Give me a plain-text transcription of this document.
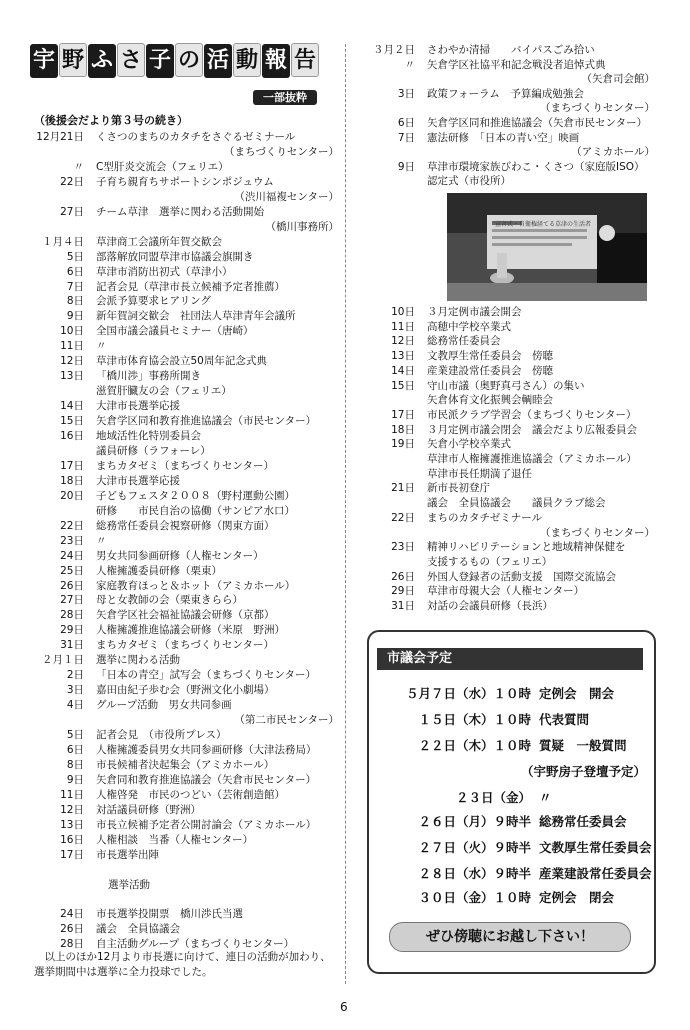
宇 野 ふ さ 子 の 活 動 報 告
一部抜粋
（後援会だより第３号の続き）
12月21日 くさつのまちのカタチをさぐるゼミナール
（まちづくりセンター）
〃 C型肝炎交流会（フェリエ）
22日 子育ち親育ちサポートシンポジュウム
（渋川福複センター）
27日 チーム草津　選挙に関わる活動開始
（橋川事務所）
１月４日 草津商工会議所年賀交歓会
5日 部落解放同盟草津市協議会旗開き
6日 草津市消防出初式（草津小）
7日 記者会見（草津市長立候補予定者推薦）
8日 会派予算要求ヒアリング
9日 新年賀詞交歓会　社団法人草津青年会議所
10日 全国市議会議員セミナー（唐崎）
11日 〃
12日 草津市体育協会設立50周年記念式典
13日 「橋川渉」事務所開き
滋賀肝臓友の会（フェリエ）
14日 大津市長選挙応援
15日 矢倉学区同和教育推進協議会（市民センター）
16日 地域活性化特別委員会
議員研修（ラフォーレ）
17日 まちカタゼミ（まちづくりセンター）
18日 大津市長選挙応援
20日 子どもフェスタ２００８（野村運動公園）
研修　　市民自治の協働（サンピア水口）
22日 総務常任委員会視察研修（関東方面）
23日 〃
24日 男女共同参画研修（人権センター）
25日 人権擁護委員研修（栗東）
26日 家庭教育ほっと＆ホット（アミカホール）
27日 母と女教師の会（栗東きらら）
28日 矢倉学区社会福祉協議会研修（京都）
29日 人権擁護推進協議会研修（米原　野洲）
31日 まちカタゼミ（まちづくりセンター）
２月１日 選挙に関わる活動
2日 「日本の青空」試写会（まちづくりセンター）
3日 嘉田由紀子歩む会（野洲文化小劇場）
4日 グループ活動　男女共同参画
（第二市民センター）
5日 記者会見　（市役所プレス）
6日 人権擁護委員男女共同参画研修（大津法務局）
8日 市長候補者決起集会（アミカホール）
9日 矢倉同和教育推進協議会（矢倉市民センター）
11日 人権啓発　市民のつどい（芸術創造館）
12日 対話議員研修（野洲）
13日 市長立候補予定者公開討論会（アミカホール）
16日 人権相談　当番（人権センター）
17日 市長選挙出陣
選挙活動
24日 市長選挙投開票　橋川渉氏当選
26日 議会　全員協議会
28日 自主活動グループ（まちづくりセンター）
　以上のほか12月より市長選に向けて、連日の活動が加わり、選挙期間中は選挙に全力投球でした。
３月２日 さわやか清掃　　バイパスごみ拾い
〃 矢倉学区社協平和記念戦没者追悼式典
（矢倉司会館）
3日 政策フォーラム　予算編成勉強会
（まちづくりセンター）
6日 矢倉学区同和推進協議会（矢倉市民センター）
7日 憲法研修　「日本の青い空」映画
（アミカホール）
9日 草津市環境家族びわこ・くさつ（家庭版ISO）
認定式（市役所）
宣言式・自衛権経てる草津の生活者
10日 ３月定例市議会開会
11日 高穂中学校卒業式
12日 総務常任委員会
13日 文教厚生常任委員会　傍聴
14日 産業建設常任委員会　傍聴
15日 守山市議（奥野真弓さん）の集い
矢倉体育文化振興会輌睦会
17日 市民派クラブ学習会（まちづくりセンター）
18日 ３月定例市議会閉会　議会だより広報委員会
19日 矢倉小学校卒業式
草津市人権擁護推進協議会（アミカホール）
草津市長任期満了退任
21日 新市長初登庁
議会　全員協議会　　議員クラブ総会
22日 まちのカタチゼミナール
（まちづくりセンター）
23日 精神リハビリテーションと地域精神保健を
支援するもの（フェリエ）
26日 外国人登録者の活動支援　国際交流協会
29日 草津市母親大会（人権センター）
31日 対話の会議員研修（長浜）
市議会予定
５月７日（水）１０時 定例会　開会
１５日（木）１０時 代表質問
２２日（木）１０時 質疑　一般質問
（宇野房子登壇予定）
２３日（金） 〃
２６日（月）９時半 総務常任委員会
２７日（火）９時半 文教厚生常任委員会
２８日（水）９時半 産業建設常任委員会
３０日（金）１０時 定例会　閉会
ぜひ傍聴にお越し下さい！
6
